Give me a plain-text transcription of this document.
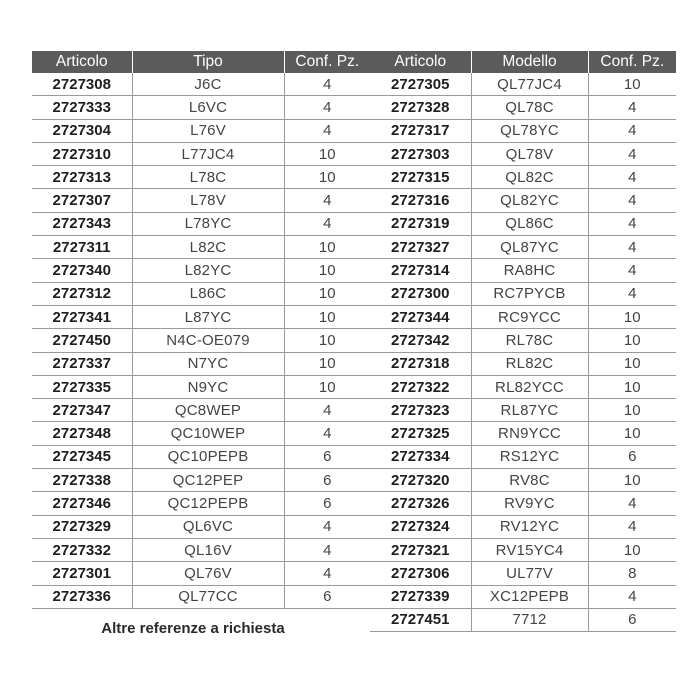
Articolo	Tipo	Conf. Pz.
2727308	J6C	4
2727333	L6VC	4
2727304	L76V	4
2727310	L77JC4	10
2727313	L78C	10
2727307	L78V	4
2727343	L78YC	4
2727311	L82C	10
2727340	L82YC	10
2727312	L86C	10
2727341	L87YC	10
2727450	N4C-OE079	10
2727337	N7YC	10
2727335	N9YC	10
2727347	QC8WEP	4
2727348	QC10WEP	4
2727345	QC10PEPB	6
2727338	QC12PEP	6
2727346	QC12PEPB	6
2727329	QL6VC	4
2727332	QL16V	4
2727301	QL76V	4
2727336	QL77CC	6
Articolo	Modello	Conf. Pz.
2727305	QL77JC4	10
2727328	QL78C	4
2727317	QL78YC	4
2727303	QL78V	4
2727315	QL82C	4
2727316	QL82YC	4
2727319	QL86C	4
2727327	QL87YC	4
2727314	RA8HC	4
2727300	RC7PYCB	4
2727344	RC9YCC	10
2727342	RL78C	10
2727318	RL82C	10
2727322	RL82YCC	10
2727323	RL87YC	10
2727325	RN9YCC	10
2727334	RS12YC	6
2727320	RV8C	10
2727326	RV9YC	4
2727324	RV12YC	4
2727321	RV15YC4	10
2727306	UL77V	8
2727339	XC12PEPB	4
2727451	7712	6
Altre referenze a richiesta
